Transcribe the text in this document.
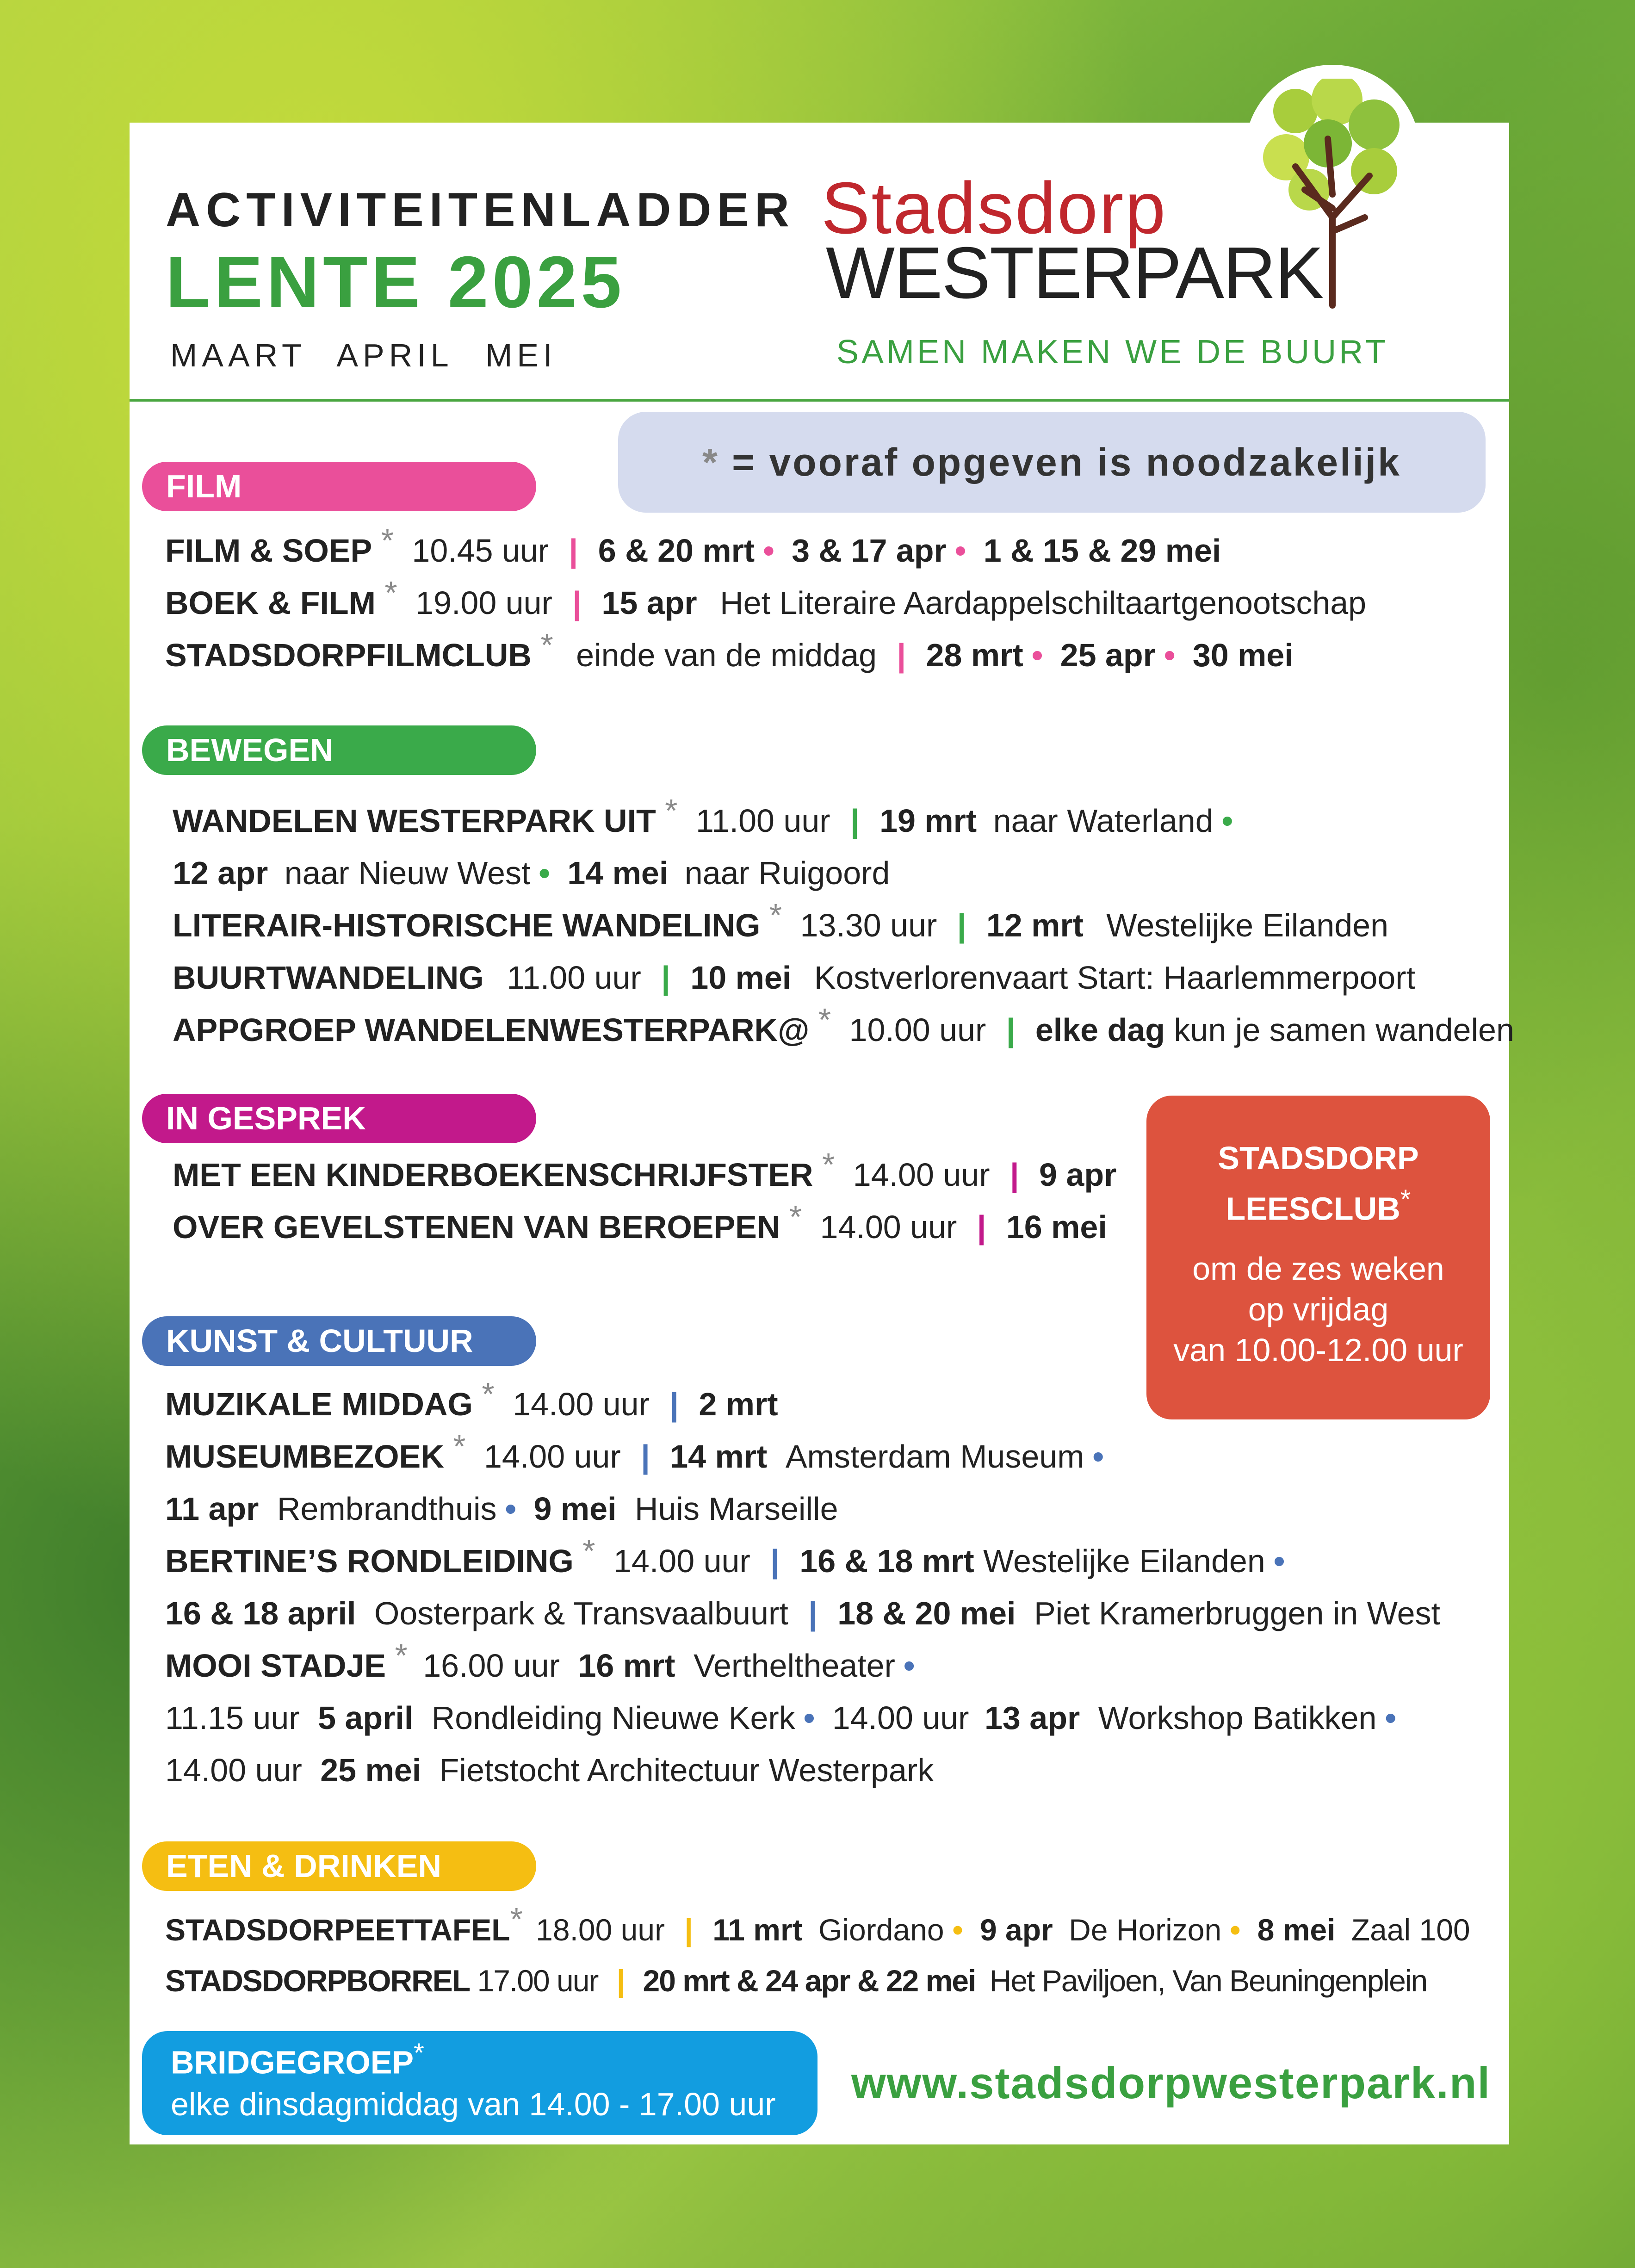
ACTIVITEITENLADDER
LENTE 2025
MAART APRIL MEI
Stadsdorp
WESTERPARK
SAMEN MAKEN WE DE BUURT
* = vooraf opgeven is noodzakelijk
FILM
FILM & SOEP * 10.45 uur | 6 & 20 mrt • 3 & 17 apr • 1 & 15 & 29 mei
BOEK & FILM * 19.00 uur | 15 apr Het Literaire Aardappelschiltaartgenootschap
STADSDORPFILMCLUB * einde van de middag | 28 mrt • 25 apr • 30 mei
BEWEGEN
WANDELEN WESTERPARK UIT * 11.00 uur | 19 mrt naar Waterland •
12 apr naar Nieuw West • 14 mei naar Ruigoord
LITERAIR-HISTORISCHE WANDELING * 13.30 uur | 12 mrt Westelijke Eilanden
BUURTWANDELING 11.00 uur | 10 mei Kostverlorenvaart Start: Haarlemmerpoort
APPGROEP WANDELENWESTERPARK@ * 10.00 uur | elke dag kun je samen wandelen
IN GESPREK
MET EEN KINDERBOEKENSCHRIJFSTER * 14.00 uur | 9 apr
OVER GEVELSTENEN VAN BEROEPEN * 14.00 uur | 16 mei
STADSDORP
LEESCLUB*
om de zes weken
op vrijdag
van 10.00-12.00 uur
KUNST & CULTUUR
MUZIKALE MIDDAG * 14.00 uur | 2 mrt
MUSEUMBEZOEK * 14.00 uur | 14 mrt Amsterdam Museum •
11 apr Rembrandthuis • 9 mei Huis Marseille
BERTINE’S RONDLEIDING * 14.00 uur | 16 & 18 mrt Westelijke Eilanden •
16 & 18 april Oosterpark & Transvaalbuurt | 18 & 20 mei Piet Kramerbruggen in West
MOOI STADJE * 16.00 uur 16 mrt Vertheltheater •
11.15 uur 5 april Rondleiding Nieuwe Kerk • 14.00 uur 13 apr Workshop Batikken •
14.00 uur 25 mei Fietstocht Architectuur Westerpark
ETEN & DRINKEN
STADSDORPEETTAFEL* 18.00 uur | 11 mrt Giordano • 9 apr De Horizon • 8 mei Zaal 100
STADSDORPBORREL 17.00 uur | 20 mrt & 24 apr & 22 mei Het Paviljoen, Van Beuningenplein
BRIDGEGROEP*
elke dinsdagmiddag van 14.00 - 17.00 uur www.stadsdorpwesterpark.nl
